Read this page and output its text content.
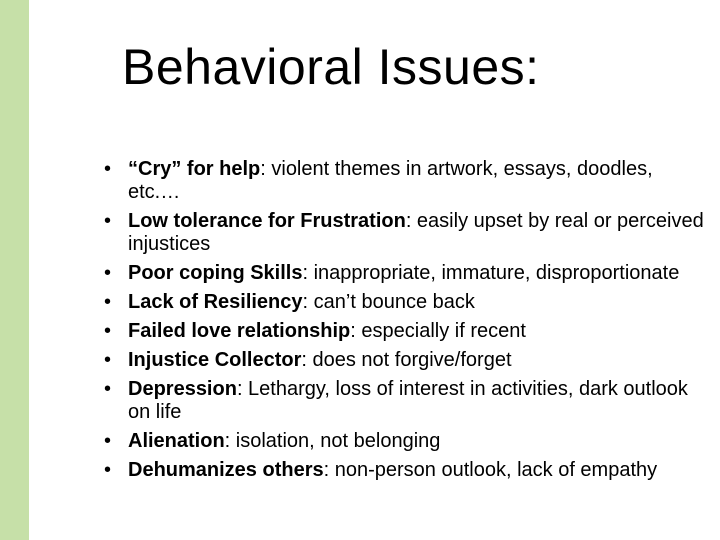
Behavioral Issues:
• “Cry” for help: violent themes in artwork, essays, doodles, etc.…
• Low tolerance for Frustration: easily upset by real or perceived injustices
• Poor coping Skills: inappropriate, immature, disproportionate
• Lack of Resiliency: can’t bounce back
• Failed love relationship: especially if recent
• Injustice Collector: does not forgive/forget
• Depression: Lethargy, loss of interest in activities, dark outlook on life
• Alienation: isolation, not belonging
• Dehumanizes others: non-person outlook, lack of empathy
